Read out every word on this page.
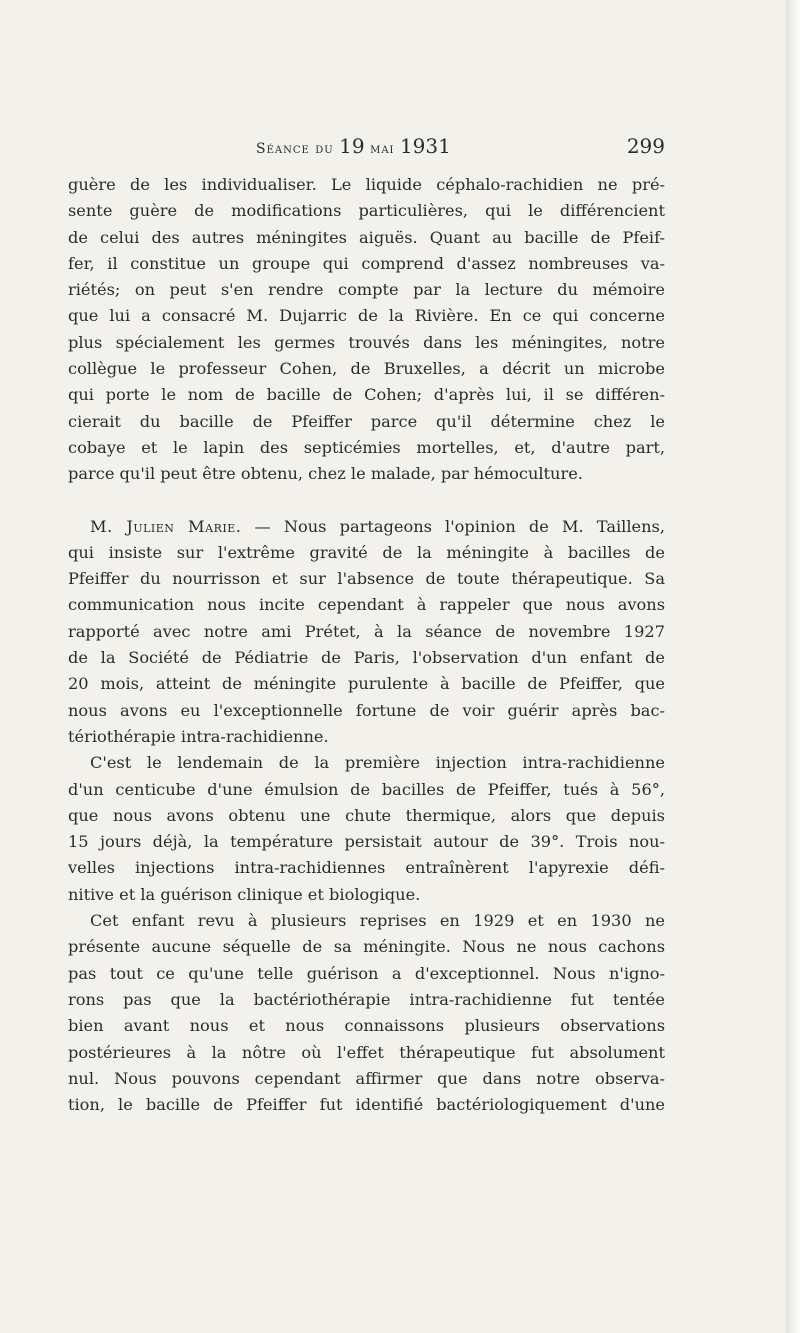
Séance du 19 mai 1931	299
guère de les individualiser. Le liquide céphalo-rachidien ne pré-
sente guère de modifications particulières, qui le différencient
de celui des autres méningites aiguës. Quant au bacille de Pfeif-
fer, il constitue un groupe qui comprend d'assez nombreuses va-
riétés; on peut s'en rendre compte par la lecture du mémoire
que lui a consacré M. Dujarric de la Rivière. En ce qui concerne
plus spécialement les germes trouvés dans les méningites, notre
collègue le professeur Cohen, de Bruxelles, a décrit un microbe
qui porte le nom de bacille de Cohen; d'après lui, il se différen-
cierait du bacille de Pfeiffer parce qu'il détermine chez le
cobaye et le lapin des septicémies mortelles, et, d'autre part,
parce qu'il peut être obtenu, chez le malade, par hémoculture.
M. Julien Marie. — Nous partageons l'opinion de M. Taillens,
qui insiste sur l'extrême gravité de la méningite à bacilles de
Pfeiffer du nourrisson et sur l'absence de toute thérapeutique. Sa
communication nous incite cependant à rappeler que nous avons
rapporté avec notre ami Prétet, à la séance de novembre 1927
de la Société de Pédiatrie de Paris, l'observation d'un enfant de
20 mois, atteint de méningite purulente à bacille de Pfeiffer, que
nous avons eu l'exceptionnelle fortune de voir guérir après bac-
tériothérapie intra-rachidienne.
C'est le lendemain de la première injection intra-rachidienne
d'un centicube d'une émulsion de bacilles de Pfeiffer, tués à 56°,
que nous avons obtenu une chute thermique, alors que depuis
15 jours déjà, la température persistait autour de 39°. Trois nou-
velles injections intra-rachidiennes entraînèrent l'apyrexie défi-
nitive et la guérison clinique et biologique.
Cet enfant revu à plusieurs reprises en 1929 et en 1930 ne
présente aucune séquelle de sa méningite. Nous ne nous cachons
pas tout ce qu'une telle guérison a d'exceptionnel. Nous n'igno-
rons pas que la bactériothérapie intra-rachidienne fut tentée
bien avant nous et nous connaissons plusieurs observations
postérieures à la nôtre où l'effet thérapeutique fut absolument
nul. Nous pouvons cependant affirmer que dans notre observa-
tion, le bacille de Pfeiffer fut identifié bactériologiquement d'une
